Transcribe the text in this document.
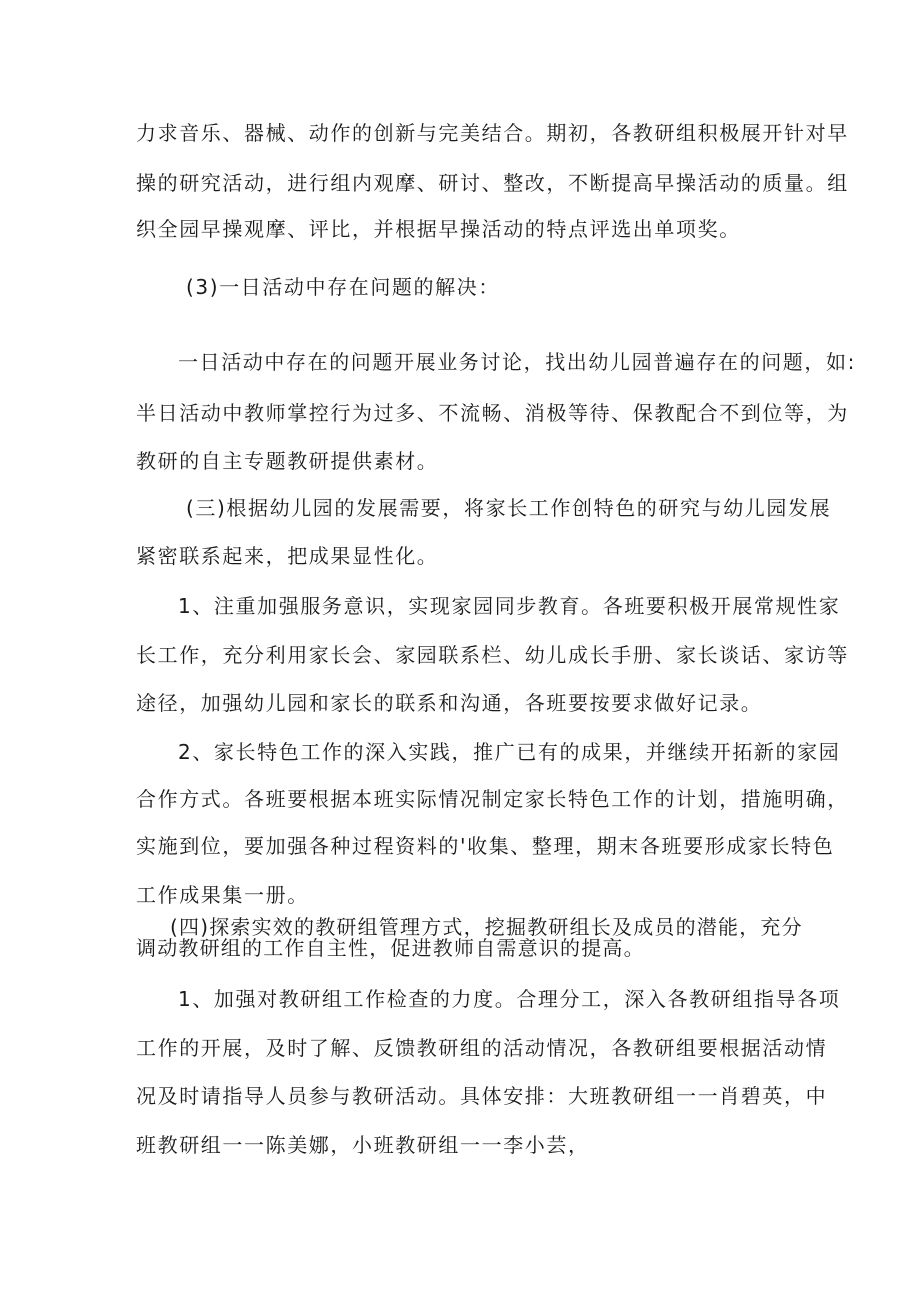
力求音乐、器械、动作的创新与完美结合。期初，各教研组积极展开针对早

操的研究活动，进行组内观摩、研讨、整改，不断提高早操活动的质量。组

织全园早操观摩、评比，并根据早操活动的特点评选出单项奖。

(3)一日活动中存在问题的解决：

一日活动中存在的问题开展业务讨论，找出幼儿园普遍存在的问题，如:

半日活动中教师掌控行为过多、不流畅、消极等待、保教配合不到位等，为

教研的自主专题教研提供素材。

(三)根据幼儿园的发展需要，将家长工作创特色的研究与幼儿园发展

紧密联系起来，把成果显性化。

1、注重加强服务意识，实现家园同步教育。各班要积极开展常规性家

长工作，充分利用家长会、家园联系栏、幼儿成长手册、家长谈话、家访等

途径，加强幼儿园和家长的联系和沟通，各班要按要求做好记录。

2、家长特色工作的深入实践，推广已有的成果，并继续开拓新的家园

合作方式。各班要根据本班实际情况制定家长特色工作的计划，措施明确，

实施到位，要加强各种过程资料的'收集、整理，期末各班要形成家长特色

工作成果集一册。

(四)探索实效的教研组管理方式，挖掘教研组长及成员的潜能，充分

调动教研组的工作自主性，促进教师自需意识的提高。

1、加强对教研组工作检查的力度。合理分工，深入各教研组指导各项

工作的开展，及时了解、反馈教研组的活动情况，各教研组要根据活动情

况及时请指导人员参与教研活动。具体安排：大班教研组一一肖碧英，中

班教研组一一陈美娜，小班教研组一一李小芸，
